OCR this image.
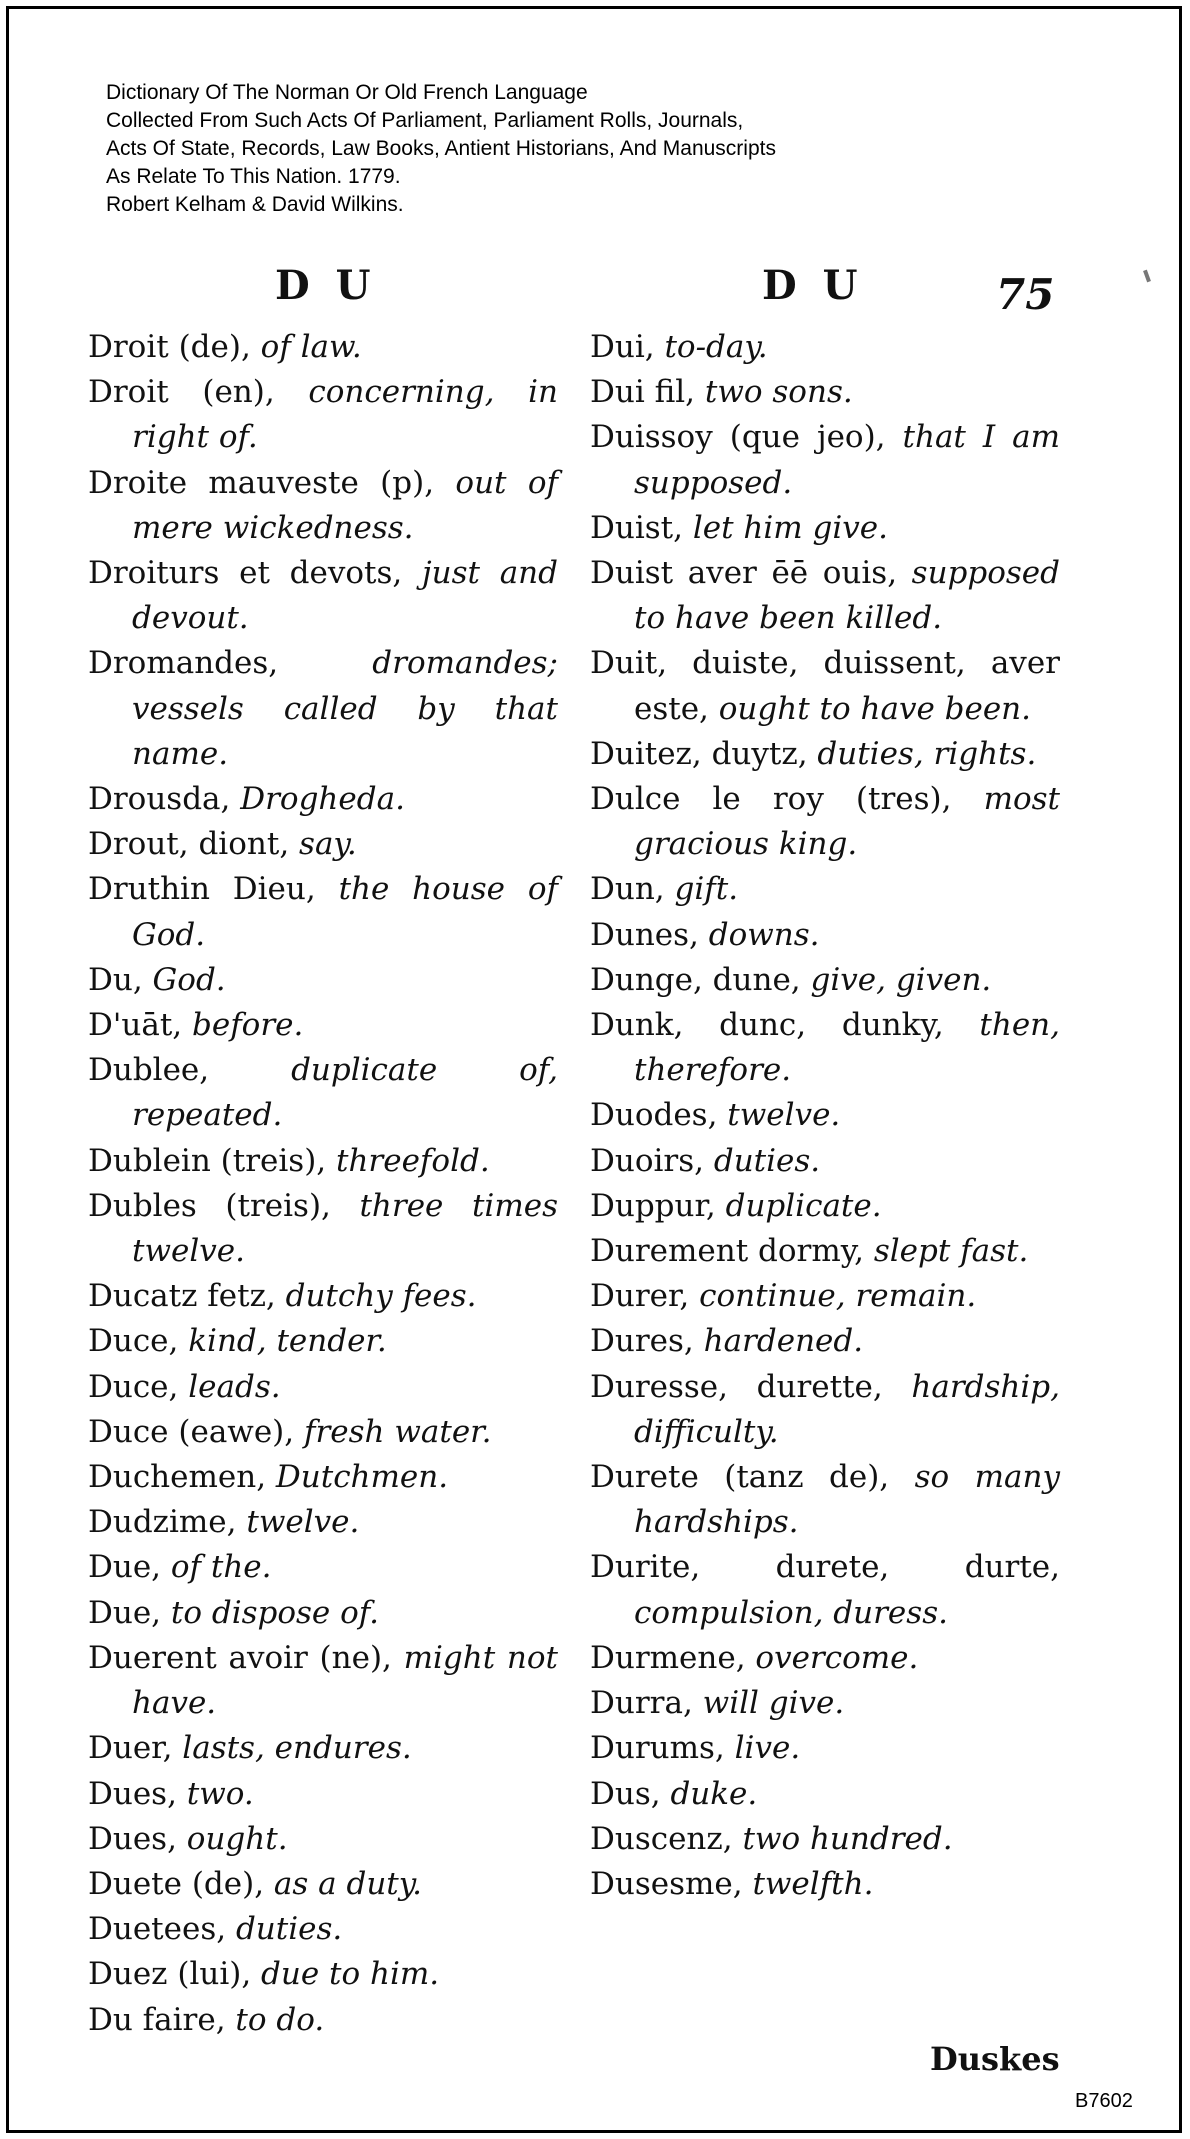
Dictionary Of The Norman Or Old French Language
Collected From Such Acts Of Parliament, Parliament Rolls, Journals,
Acts Of State, Records, Law Books, Antient Historians, And Manuscripts
As Relate To This Nation. 1779.
Robert Kelham & David Wilkins.
D U	D U	75
Droit (de), of law.
Droit (en), concerning, in right of.
Droite mauveste (p), out of mere wickedness.
Droiturs et devots, just and devout.
Dromandes, dromandes; vessels called by that name.
Drousda, Drogheda.
Drout, diont, say.
Druthin Dieu, the house of God.
Du, God.
D'uāt, before.
Dublee, duplicate of, repeated.
Dublein (treis), threefold.
Dubles (treis), three times twelve.
Ducatz fetz, dutchy fees.
Duce, kind, tender.
Duce, leads.
Duce (eawe), fresh water.
Duchemen, Dutchmen.
Dudzime, twelve.
Due, of the.
Due, to dispose of.
Duerent avoir (ne), might not have.
Duer, lasts, endures.
Dues, two.
Dues, ought.
Duete (de), as a duty.
Duetees, duties.
Duez (lui), due to him.
Du faire, to do.
Dui, to-day.
Dui fil, two sons.
Duissoy (que jeo), that I am supposed.
Duist, let him give.
Duist aver ēē ouis, supposed to have been killed.
Duit, duiste, duissent, aver este, ought to have been.
Duitez, duytz, duties, rights.
Dulce le roy (tres), most gracious king.
Dun, gift.
Dunes, downs.
Dunge, dune, give, given.
Dunk, dunc, dunky, then, therefore.
Duodes, twelve.
Duoirs, duties.
Duppur, duplicate.
Durement dormy, slept fast.
Durer, continue, remain.
Dures, hardened.
Duresse, durette, hardship, difficulty.
Durete (tanz de), so many hardships.
Durite, durete, durte, compulsion, duress.
Durmene, overcome.
Durra, will give.
Durums, live.
Dus, duke.
Duscenz, two hundred.
Dusesme, twelfth.
Duskes
B7602
